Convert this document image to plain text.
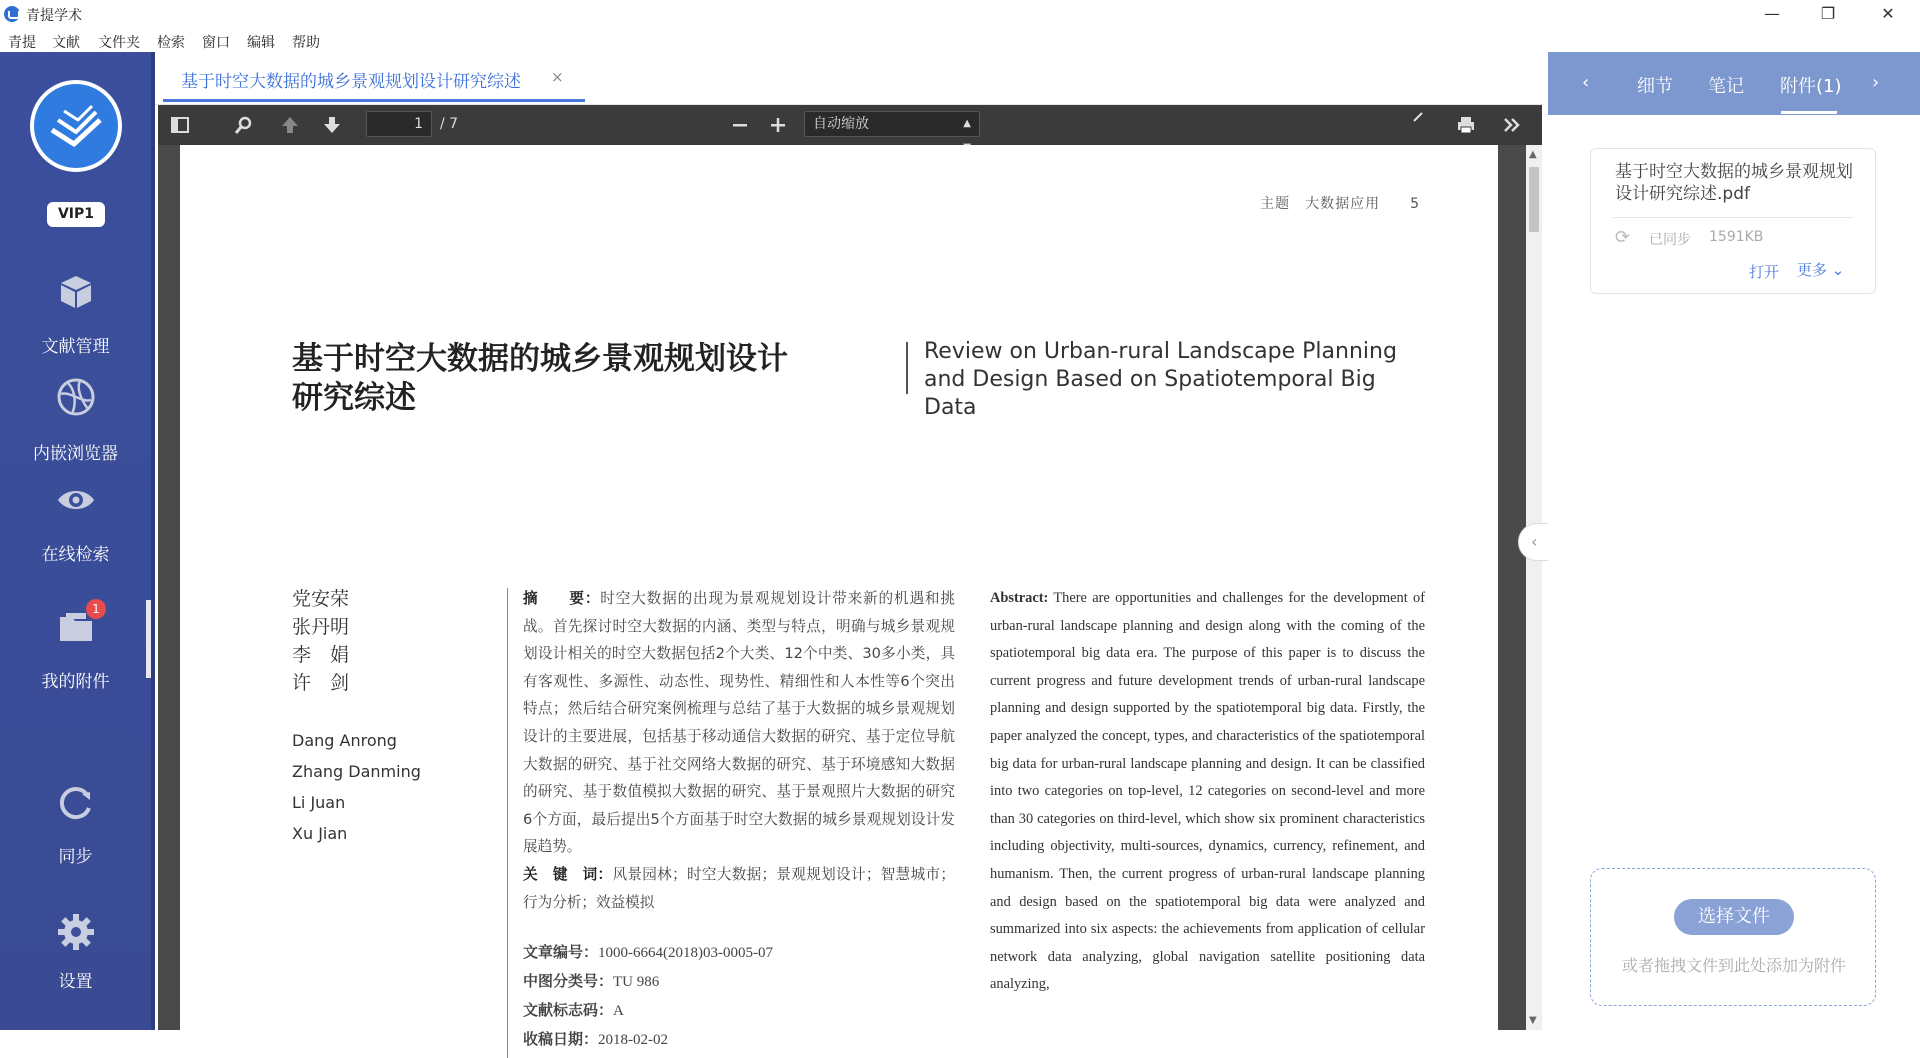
青提学术	—	❐	✕
青提 文献 文件夹 检索 窗口 编辑 帮助
VIP1
文献管理
内嵌浏览器
在线检索
1
我的附件
同步
设置
基于时空大数据的城乡景观规划设计研究综述 ×
1	/ 7	自动缩放	▲

主题　大数据应用　　5
基于时空大数据的城乡景观规划设计研究综述
Review on Urban-rural Landscape Planning and Design Based on Spatiotemporal Big Data
党安荣
张丹明
李　娟
许　剑
Dang Anrong
Zhang Danming
Li Juan
Xu Jian
摘　　要：时空大数据的出现为景观规划设计带来新的机遇和挑战。首先探讨时空大数据的内涵、类型与特点，明确与城乡景观规划设计相关的时空大数据包括2个大类、12个中类、30多小类，具有客观性、多源性、动态性、现势性、精细性和人本性等6个突出特点；然后结合研究案例梳理与总结了基于大数据的城乡景观规划设计的主要进展，包括基于移动通信大数据的研究、基于定位导航大数据的研究、基于社交网络大数据的研究、基于环境感知大数据的研究、基于数值模拟大数据的研究、基于景观照片大数据的研究6个方面，最后提出5个方面基于时空大数据的城乡景观规划设计发展趋势。
关　键　词：风景园林；时空大数据；景观规划设计；智慧城市；行为分析；效益模拟
文章编号：1000-6664(2018)03-0005-07
中图分类号：TU 986
文献标志码：A
收稿日期：2018-02-02
Abstract: There are opportunities and challenges for the development of urban-rural landscape planning and design along with the coming of the spatiotemporal big data era. The purpose of this paper is to discuss the current progress and future development trends of urban-rural landscape planning and design supported by the spatiotemporal big data. Firstly, the paper analyzed the concept, types, and characteristics of the spatiotemporal big data for urban-rural landscape planning and design. It can be classified into two categories on top-level, 12 categories on second-level and more than 30 categories on third-level, which show six prominent characteristics including objectivity, multi-sources, dynamics, currency, refinement, and humanism. Then, the current progress of urban-rural landscape planning and design based on the spatiotemporal big data were analyzed and summarized into six aspects: the achievements from application of cellular network data analyzing, global navigation satellite positioning data analyzing,
▲
▼
‹
‹	细节 笔记 附件(1) ›
基于时空大数据的城乡景观规划设计研究综述.pdf
⟳ 已同步 1591KB
打开 更多 ⌄
选择文件
或者拖拽文件到此处添加为附件
